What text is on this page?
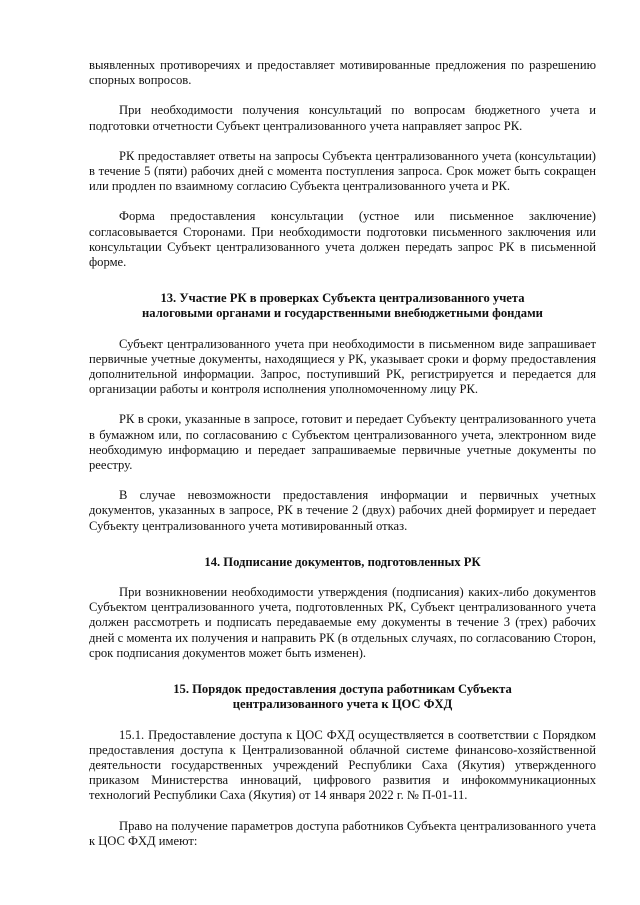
выявленных противоречиях и предоставляет мотивированные предложения по разрешению спорных вопросов.

При необходимости получения консультаций по вопросам бюджетного учета и подготовки отчетности Субъект централизованного учета направляет запрос РК.

РК предоставляет ответы на запросы Субъекта централизованного учета (консультации) в течение 5 (пяти) рабочих дней с момента поступления запроса. Срок может быть сокращен или продлен по взаимному согласию Субъекта централизованного учета и РК.

Форма предоставления консультации (устное или письменное заключение) согласовывается Сторонами. При необходимости подготовки письменного заключения или консультации Субъект централизованного учета должен передать запрос РК в письменной форме.

13. Участие РК в проверках Субъекта централизованного учета

налоговыми органами и государственными внебюджетными фондами

Субъект централизованного учета при необходимости в письменном виде запрашивает первичные учетные документы, находящиеся у РК, указывает сроки и форму предоставления дополнительной информации. Запрос, поступивший РК, регистрируется и передается для организации работы и контроля исполнения уполномоченному лицу РК.

РК в сроки, указанные в запросе, готовит и передает Субъекту централизованного учета в бумажном или, по согласованию с Субъектом централизованного учета, электронном виде необходимую информацию и передает запрашиваемые первичные учетные документы по реестру.

В случае невозможности предоставления информации и первичных учетных документов, указанных в запросе, РК в течение 2 (двух) рабочих дней формирует и передает Субъекту централизованного учета мотивированный отказ.

14. Подписание документов, подготовленных РК

При возникновении необходимости утверждения (подписания) каких-либо документов Субъектом централизованного учета, подготовленных РК, Субъект централизованного учета должен рассмотреть и подписать передаваемые ему документы в течение 3 (трех) рабочих дней с момента их получения и направить РК (в отдельных случаях, по согласованию Сторон, срок подписания документов может быть изменен).

15. Порядок предоставления доступа работникам Субъекта

централизованного учета к ЦОС ФХД

15.1. Предоставление доступа к ЦОС ФХД осуществляется в соответствии с Порядком предоставления доступа к Централизованной облачной системе финансово-хозяйственной деятельности государственных учреждений Республики Саха (Якутия) утвержденного приказом Министерства инноваций, цифрового развития и инфокоммуникационных технологий Республики Саха (Якутия) от 14 января 2022 г. № П-01-11.

Право на получение параметров доступа работников Субъекта централизованного учета к ЦОС ФХД имеют:
